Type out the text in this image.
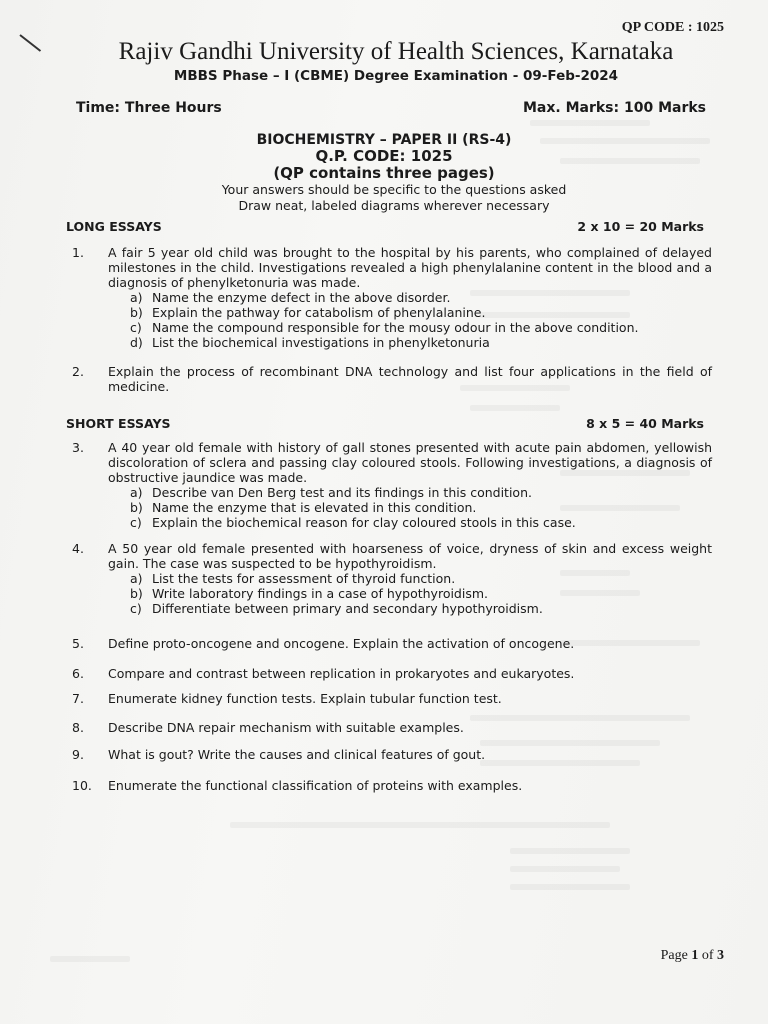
QP CODE : 1025
Rajiv Gandhi University of Health Sciences, Karnataka
MBBS Phase – I (CBME) Degree Examination - 09-Feb-2024
Time: Three Hours	Max. Marks: 100 Marks
BIOCHEMISTRY – PAPER II (RS-4)
Q.P. CODE: 1025
(QP contains three pages)
Your answers should be specific to the questions asked
Draw neat, labeled diagrams wherever necessary
LONG ESSAYS	2 x 10 = 20 Marks
1.	A fair 5 year old child was brought to the hospital by his parents, who complained of delayed milestones in the child. Investigations revealed a high phenylalanine content in the blood and a diagnosis of phenylketonuria was made.
a) Name the enzyme defect in the above disorder.
b) Explain the pathway for catabolism of phenylalanine.
c) Name the compound responsible for the mousy odour in the above condition.
d) List the biochemical investigations in phenylketonuria
2.	Explain the process of recombinant DNA technology and list four applications in the field of medicine.
SHORT ESSAYS	8 x 5 = 40 Marks
3.	A 40 year old female with history of gall stones presented with acute pain abdomen, yellowish discoloration of sclera and passing clay coloured stools. Following investigations, a diagnosis of obstructive jaundice was made.
a) Describe van Den Berg test and its findings in this condition.
b) Name the enzyme that is elevated in this condition.
c) Explain the biochemical reason for clay coloured stools in this case.
4.	A 50 year old female presented with hoarseness of voice, dryness of skin and excess weight gain. The case was suspected to be hypothyroidism.
a) List the tests for assessment of thyroid function.
b) Write laboratory findings in a case of hypothyroidism.
c) Differentiate between primary and secondary hypothyroidism.
5.	Define proto-oncogene and oncogene. Explain the activation of oncogene.
6.	Compare and contrast between replication in prokaryotes and eukaryotes.
7.	Enumerate kidney function tests. Explain tubular function test.
8.	Describe DNA repair mechanism with suitable examples.
9.	What is gout? Write the causes and clinical features of gout.
10.	Enumerate the functional classification of proteins with examples.
Page 1 of 3
